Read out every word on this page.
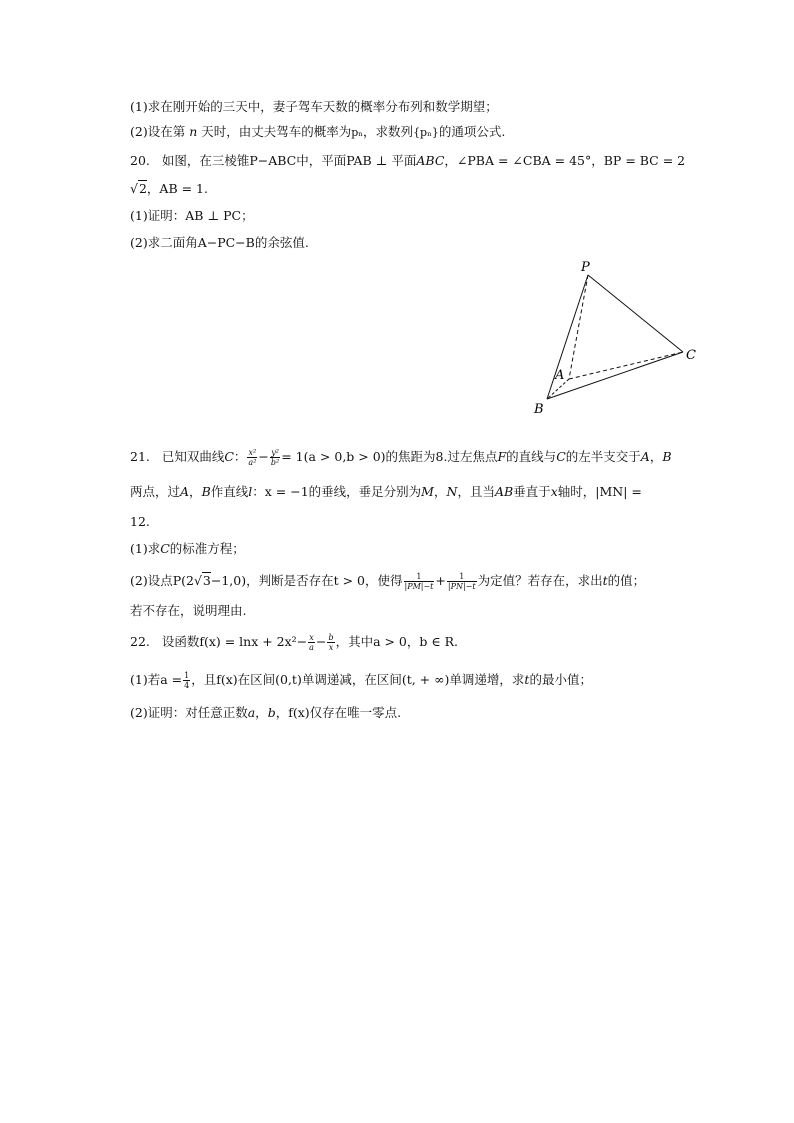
(1)求在刚开始的三天中，妻子驾车天数的概率分布列和数学期望；
(2)设在第 n 天时，由丈夫驾车的概率为pₙ，求数列{pₙ}的通项公式.
20. 如图，在三棱锥P−ABC中，平面PAB ⊥ 平面ABC，∠PBA = ∠CBA = 45°，BP = BC = 2
√2，AB = 1.
(1)证明：AB ⊥ PC；
(2)求二面角A−PC−B的余弦值.
P
A
B
C
21. 已知双曲线C： $\frac{\text{x²}}{\text{a²}} - \frac{\text{y²}}{\text{b²}} = 1(a > 0,b > 0)$的焦距为8.过左焦点F的直线与C的左半支交于A，B
两点，过A，B作直线l：x = −1的垂线，垂足分别为M，N，且当AB垂直于x轴时，|MN| =
12.
(1)求C的标准方程；
(2)设点P(2√3−1,0)，判断是否存在t > 0，使得 $\frac{1}{|PM|-t} + \frac{1}{|PN|-t}$ 为定值？若存在，求出t的值；
若不存在，说明理由.
22. 设函数$f(x) = \ln x + 2x^2- \frac{x}{a} - \frac{b}{x}$ ，其中a > 0，b ∈ R.
(1)若$a = \frac{1}{4}$ ，且f(x)在区间(0,t)单调递减，在区间(t, + ∞)单调递增，求t的最小值；
(2)证明：对任意正数a，b，f(x)仅存在唯一零点.
